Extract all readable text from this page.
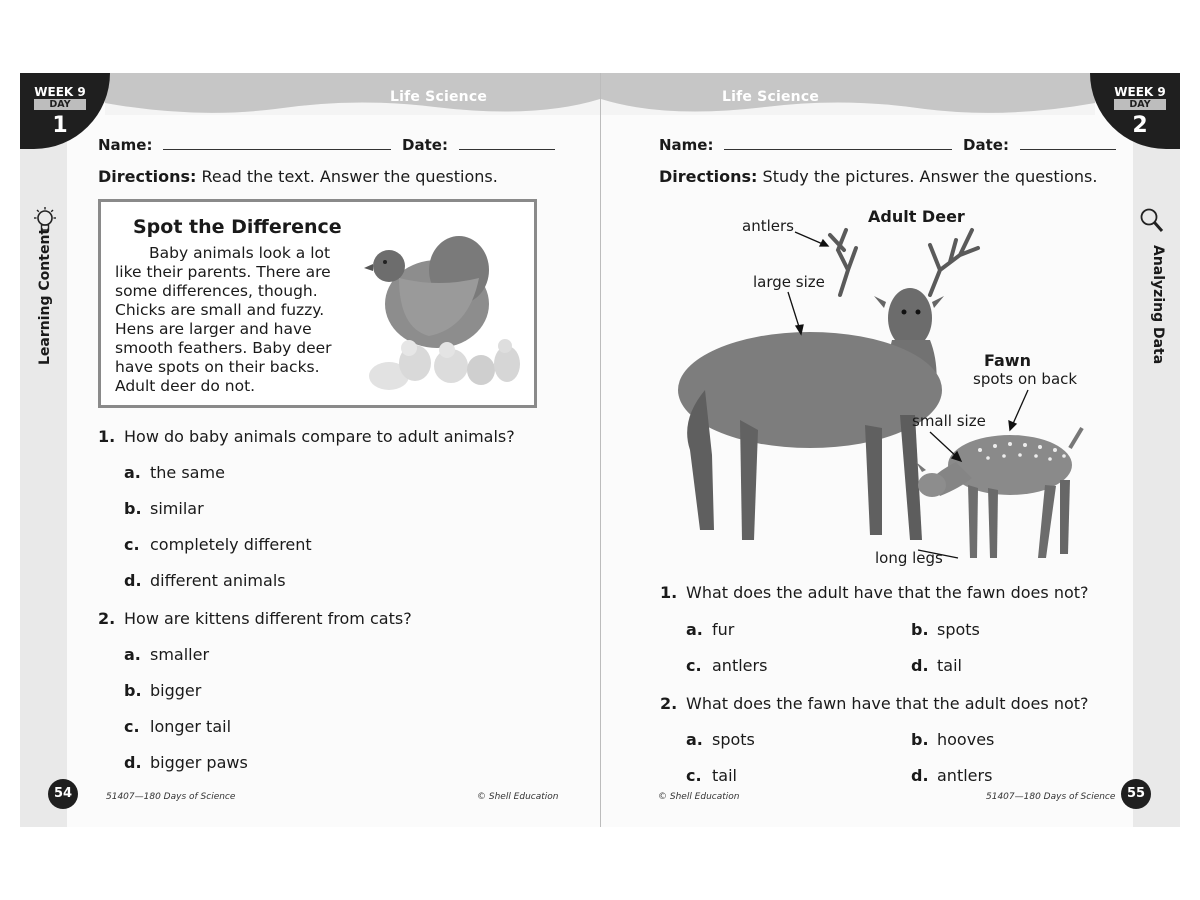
Life Science	Life Science
WEEK 9
DAY
1
WEEK 9
DAY
2
Learning Content	Analyzing Data
Name:	Date:
Directions: Read the text. Answer the questions.
Spot the Difference
Baby animals look a lot
like their parents. There are
some differences, though.
Chicks are small and fuzzy.
Hens are larger and have
smooth feathers. Baby deer
have spots on their backs.
Adult deer do not.
1. How do baby animals compare to adult animals?
a. the same
b. similar
c. completely different
d. different animals
2. How are kittens different from cats?
a. smaller
b. bigger
c. longer tail
d. bigger paws
54	51407—180 Days of Science	© Shell Education
Name:	Date:
Directions: Study the pictures. Answer the questions.
Adult Deer
antlers
large size
Fawn
spots on back
small size
long legs
1. What does the adult have that the fawn does not?
a. fur	b. spots
c. antlers	d. tail
2. What does the fawn have that the adult does not?
a. spots	b. hooves
c. tail	d. antlers
© Shell Education	51407—180 Days of Science 55
